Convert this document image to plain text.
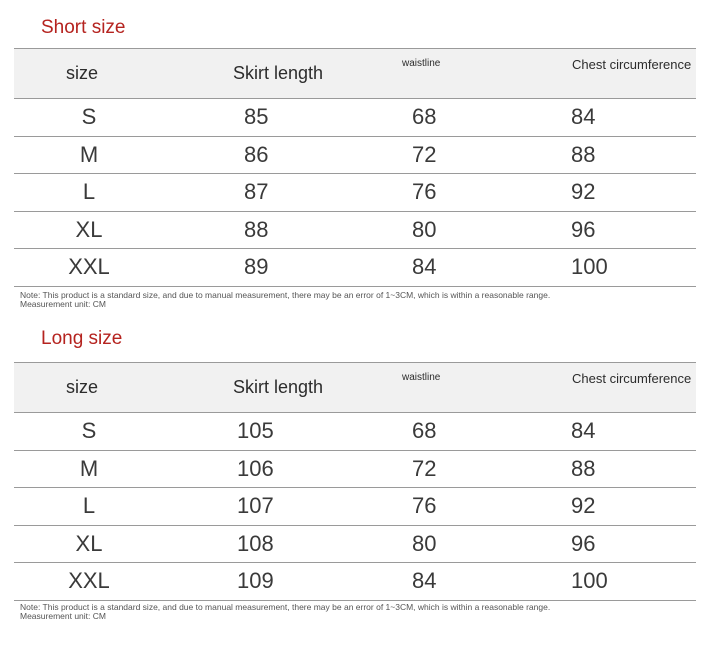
Short size
size	Skirt length	waistline	Chest circumference
S	85	68	84
M	86	72	88
L	87	76	92
XL	88	80	96
XXL	89	84	100

Note: This product is a standard size, and due to manual measurement, there may be an error of 1~3CM, which is within a reasonable range.
Measurement unit: CM

Long size
size	Skirt length	waistline	Chest circumference
S	105	68	84
M	106	72	88
L	107	76	92
XL	108	80	96
XXL	109	84	100

Note: This product is a standard size, and due to manual measurement, there may be an error of 1~3CM, which is within a reasonable range.
Measurement unit: CM
